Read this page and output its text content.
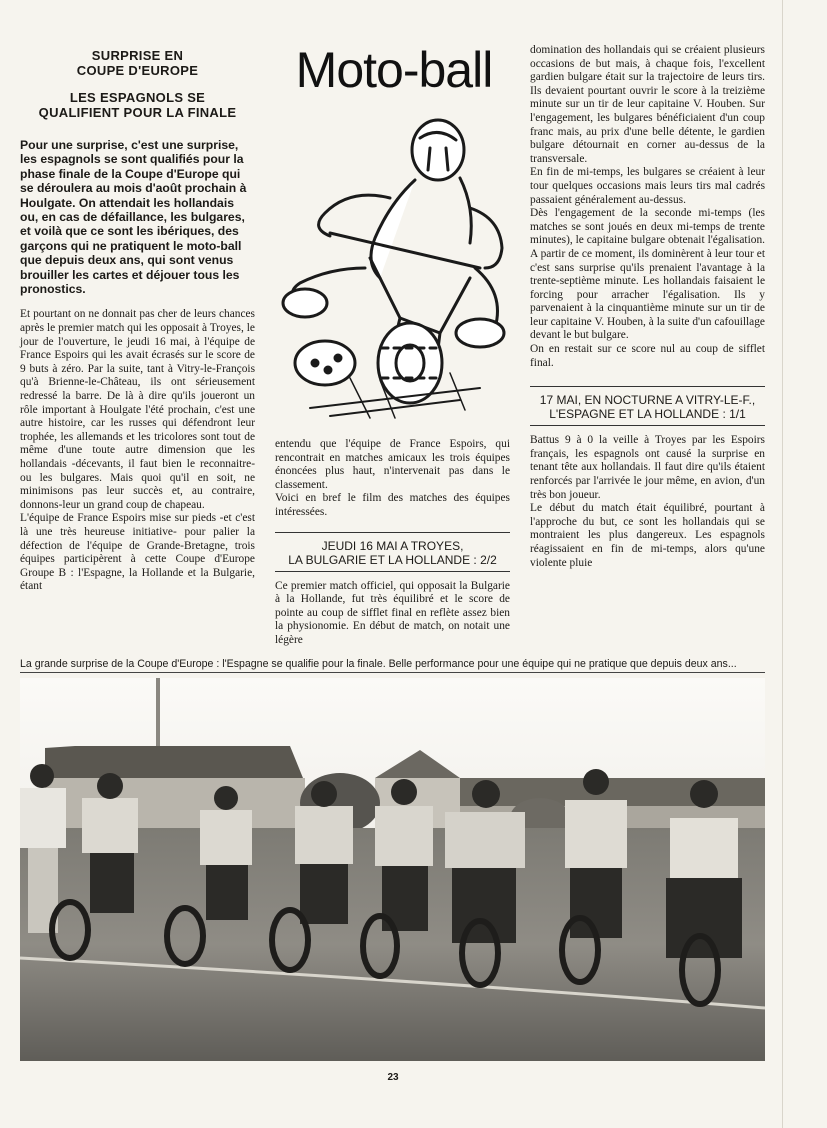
SURPRISE EN
COUPE D'EUROPE
LES ESPAGNOLS SE
QUALIFIENT POUR LA FINALE

Pour une surprise, c'est une surprise, les espagnols se sont qualifiés pour la phase finale de la Coupe d'Europe qui se déroulera au mois d'août prochain à Houlgate. On attendait les hollandais ou, en cas de défaillance, les bulgares, et voilà que ce sont les ibériques, des garçons qui ne pratiquent le moto-ball que depuis deux ans, qui sont venus brouiller les cartes et déjouer tous les pronostics.

Et pourtant on ne donnait pas cher de leurs chances après le premier match qui les opposait à Troyes, le jour de l'ouverture, le jeudi 16 mai, à l'équipe de France Espoirs qui les avait écrasés sur le score de 9 buts à zéro. Par la suite, tant à Vitry-le-François qu'à Brienne-le-Château, ils ont sérieusement redressé la barre. De là à dire qu'ils joueront un rôle important à Houlgate l'été prochain, c'est une autre histoire, car les russes qui défendront leur trophée, les allemands et les tricolores sont tout de même d'une toute autre dimension que les hollandais -décevants, il faut bien le reconnaitre- ou les bulgares. Mais quoi qu'il en soit, ne minimisons pas leur succès et, au contraire, donnons-leur un grand coup de chapeau.

L'équipe de France Espoirs mise sur pieds -et c'est là une très heureuse initiative- pour palier la défection de l'équipe de Grande-Bretagne, trois équipes participèrent à cette Coupe d'Europe Groupe B : l'Espagne, la Hollande et la Bulgarie, étant

Moto-ball

entendu que l'équipe de France Espoirs, qui rencontrait en matches amicaux les trois équipes énoncées plus haut, n'intervenait pas dans le classement.

Voici en bref le film des matches des équipes intéressées.

JEUDI 16 MAI A TROYES,
LA BULGARIE ET LA HOLLANDE : 2/2

Ce premier match officiel, qui opposait la Bulgarie à la Hollande, fut très équilibré et le score de pointe au coup de sifflet final en reflète assez bien la physionomie. En début de match, on notait une légère

domination des hollandais qui se créaient plusieurs occasions de but mais, à chaque fois, l'excellent gardien bulgare était sur la trajectoire de leurs tirs. Ils devaient pourtant ouvrir le score à la treizième minute sur un tir de leur capitaine V. Houben. Sur l'engagement, les bulgares bénéficiaient d'un coup franc mais, au prix d'une belle détente, le gardien bulgare détournait en corner au-dessus de la transversale.

En fin de mi-temps, les bulgares se créaient à leur tour quelques occasions mais leurs tirs mal cadrés passaient généralement au-dessus.

Dès l'engagement de la seconde mi-temps (les matches se sont joués en deux mi-temps de trente minutes), le capitaine bulgare obtenait l'égalisation. A partir de ce moment, ils dominèrent à leur tour et c'est sans surprise qu'ils prenaient l'avantage à la trente-septième minute. Les hollandais faisaient le forcing pour arracher l'égalisation. Ils y parvenaient à la cinquantième minute sur un tir de leur capitaine V. Houben, à la suite d'un cafouillage devant le but bulgare.

On en restait sur ce score nul au coup de sifflet final.

17 MAI, EN NOCTURNE A VITRY-LE-F.,
L'ESPAGNE ET LA HOLLANDE : 1/1

Battus 9 à 0 la veille à Troyes par les Espoirs français, les espagnols ont causé la surprise en tenant tête aux hollandais. Il faut dire qu'ils étaient renforcés par l'arrivée le jour même, en avion, d'un très bon joueur.

Le début du match était équilibré, pourtant à l'approche du but, ce sont les hollandais qui se montraient les plus dangereux. Les espagnols réagissaient en fin de mi-temps, alors qu'une violente pluie

La grande surprise de la Coupe d'Europe : l'Espagne se qualifie pour la finale. Belle performance pour une équipe qui ne pratique que depuis deux ans...
23
